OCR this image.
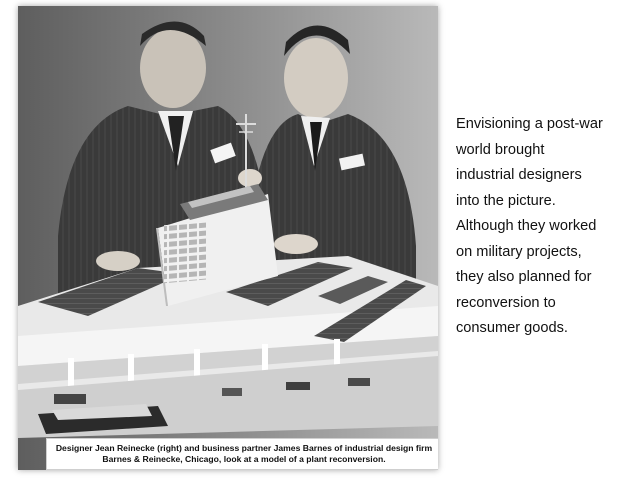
Designer Jean Reinecke (right) and business partner James Barnes of industrial design firm Barnes & Reinecke, Chicago, look at a model of a plant reconversion.
Envisioning a post-war
world brought
industrial designers
into the picture.
Although they worked
on military projects,
they also planned for
reconversion to
consumer goods.
